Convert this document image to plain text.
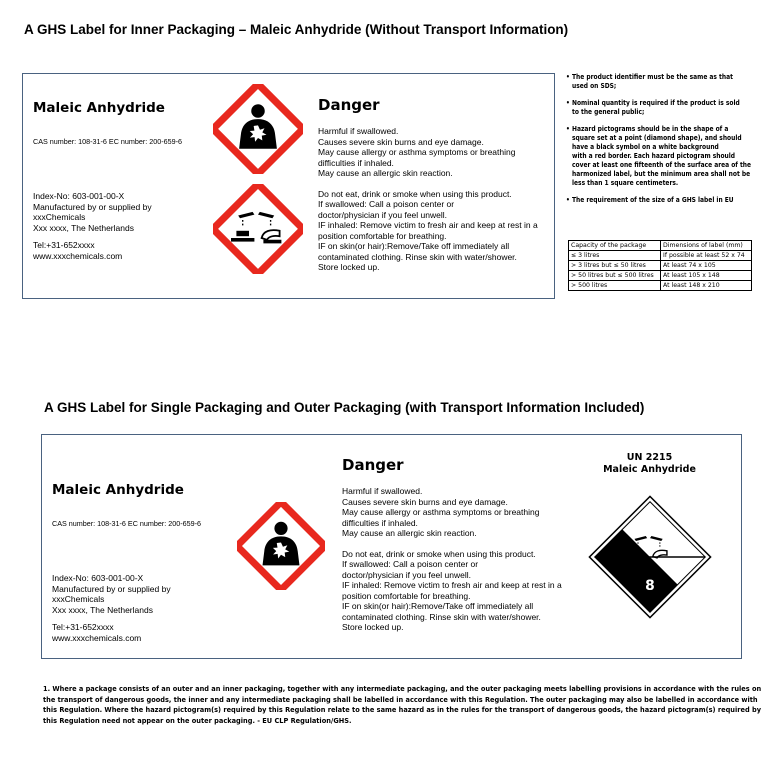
A GHS Label for Inner Packaging – Maleic Anhydride (Without Transport Information)
Maleic Anhydride
CAS number: 108-31-6 EC number: 200-659-6
Index-No: 603-001-00-X
Manufactured by or supplied by
xxxChemicals
Xxx xxxx, The Netherlands
Tel:+31-652xxxx
www.xxxchemicals.com
Danger
Harmful if swallowed.
Causes severe skin burns and eye damage.
May cause allergy or asthma symptoms or breathing
difficulties if inhaled.
May cause an allergic skin reaction.
Do not eat, drink or smoke when using this product.
If swallowed: Call a poison center or
doctor/physician if you feel unwell.
IF inhaled: Remove victim to fresh air and keep at rest in a
position comfortable for breathing.
IF on skin(or hair):Remove/Take off immediately all
contaminated clothing. Rinse skin with water/shower.
Store locked up.
• The product identifier must be the same as that
used on SDS;
• Nominal quantity is required if the product is sold
to the general public;
• Hazard pictograms should be in the shape of a
square set at a point (diamond shape), and should
have a black symbol on a white background
with a red border. Each hazard pictogram should
cover at least one fifteenth of the surface area of the
harmonized label, but the minimum area shall not be
less than 1 square centimeters.
• The requirement of the size of a GHS label in EU
Capacity of the package	Dimensions of label (mm)
≤ 3 litres	If possible at least 52 x 74
> 3 litres but ≤ 50 litres	At least 74 x 105
> 50 litres but ≤ 500 litres	At least 105 x 148
> 500 litres	At least 148 x 210
A GHS Label for Single Packaging and Outer Packaging (with Transport Information Included)
Maleic Anhydride
CAS number: 108-31-6 EC number: 200-659-6
Index-No: 603-001-00-X
Manufactured by or supplied by
xxxChemicals
Xxx xxxx, The Netherlands
Tel:+31-652xxxx
www.xxxchemicals.com
Danger
Harmful if swallowed.
Causes severe skin burns and eye damage.
May cause allergy or asthma symptoms or breathing
difficulties if inhaled.
May cause an allergic skin reaction.
Do not eat, drink or smoke when using this product.
If swallowed: Call a poison center or
doctor/physician if you feel unwell.
IF inhaled: Remove victim to fresh air and keep at rest in a
position comfortable for breathing.
IF on skin(or hair):Remove/Take off immediately all
contaminated clothing. Rinse skin with water/shower.
Store locked up.
UN 2215
Maleic Anhydride
8
1. Where a package consists of an outer and an inner packaging, together with any intermediate packaging, and the outer packaging meets labelling provisions in accordance with the rules on
the transport of dangerous goods, the inner and any intermediate packaging shall be labelled in accordance with this Regulation. The outer packaging may also be labelled in accordance with
this Regulation. Where the hazard pictogram(s) required by this Regulation relate to the same hazard as in the rules for the transport of dangerous goods, the hazard pictogram(s) required by
this Regulation need not appear on the outer packaging. - EU CLP Regulation/GHS.
